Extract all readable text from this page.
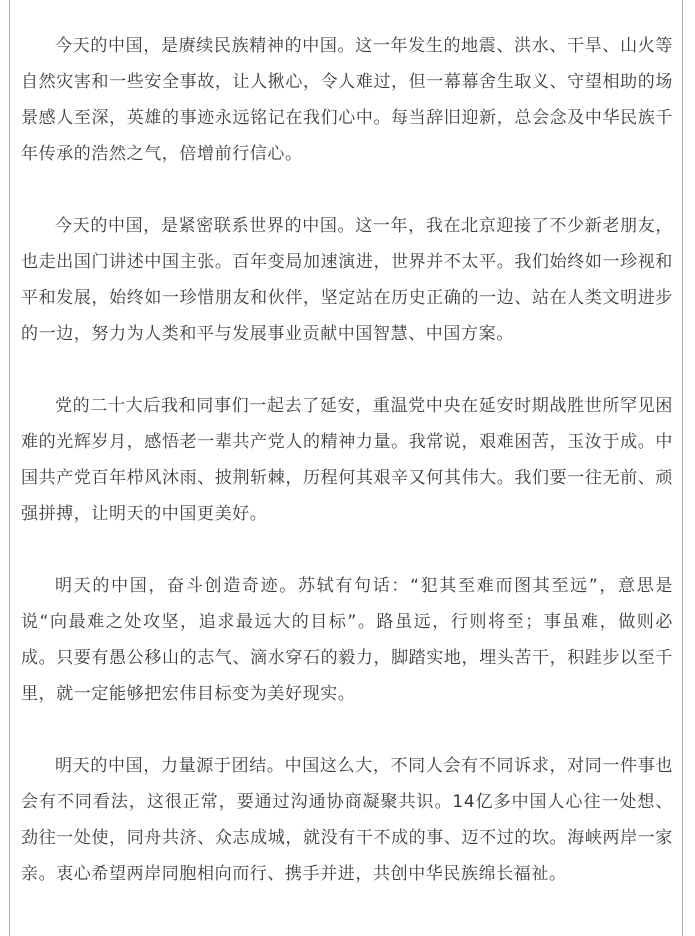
今天的中国，是赓续民族精神的中国。这一年发生的地震、洪水、干旱、山火等自然灾害和一些安全事故，让人揪心，令人难过，但一幕幕舍生取义、守望相助的场景感人至深，英雄的事迹永远铭记在我们心中。每当辞旧迎新，总会念及中华民族千年传承的浩然之气，倍增前行信心。

今天的中国，是紧密联系世界的中国。这一年，我在北京迎接了不少新老朋友，也走出国门讲述中国主张。百年变局加速演进，世界并不太平。我们始终如一珍视和平和发展，始终如一珍惜朋友和伙伴，坚定站在历史正确的一边、站在人类文明进步的一边，努力为人类和平与发展事业贡献中国智慧、中国方案。

党的二十大后我和同事们一起去了延安，重温党中央在延安时期战胜世所罕见困难的光辉岁月，感悟老一辈共产党人的精神力量。我常说，艰难困苦，玉汝于成。中国共产党百年栉风沐雨、披荆斩棘，历程何其艰辛又何其伟大。我们要一往无前、顽强拼搏，让明天的中国更美好。

明天的中国，奋斗创造奇迹。苏轼有句话：“犯其至难而图其至远”，意思是说“向最难之处攻坚，追求最远大的目标”。路虽远，行则将至；事虽难，做则必成。只要有愚公移山的志气、滴水穿石的毅力，脚踏实地，埋头苦干，积跬步以至千里，就一定能够把宏伟目标变为美好现实。

明天的中国，力量源于团结。中国这么大，不同人会有不同诉求，对同一件事也会有不同看法，这很正常，要通过沟通协商凝聚共识。14亿多中国人心往一处想、劲往一处使，同舟共济、众志成城，就没有干不成的事、迈不过的坎。海峡两岸一家亲。衷心希望两岸同胞相向而行、携手并进，共创中华民族绵长福祉。
